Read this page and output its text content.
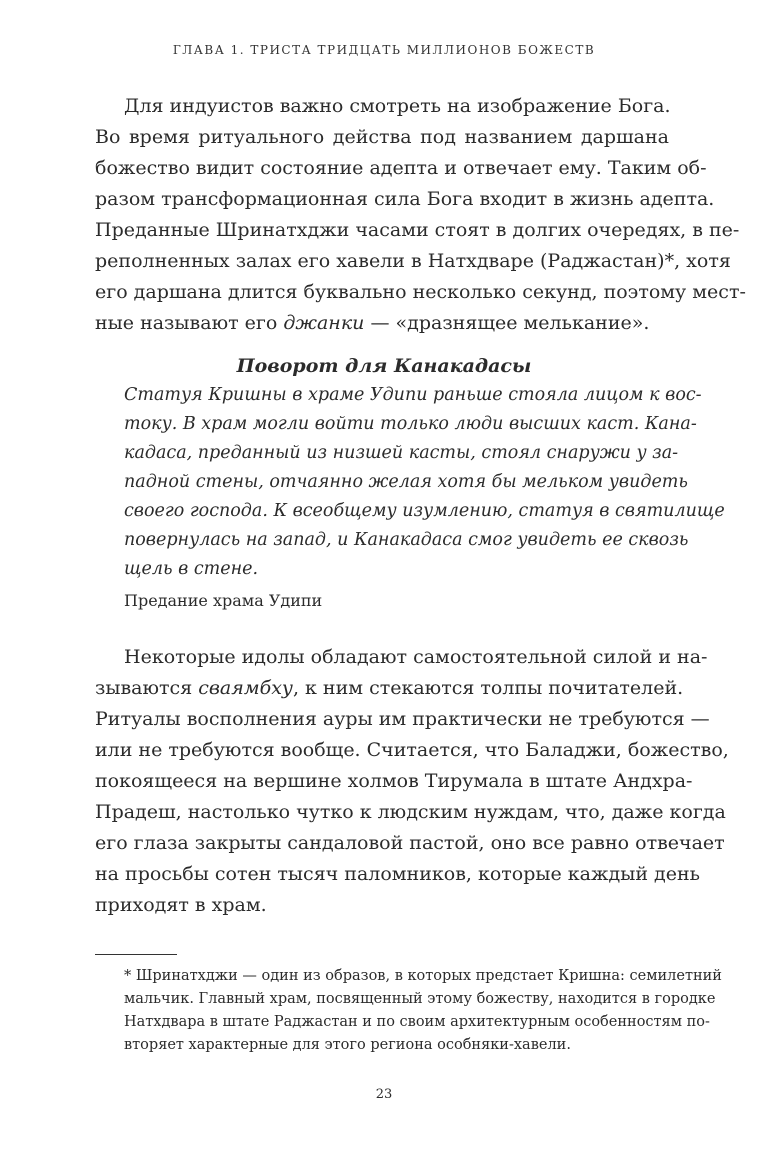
ГЛАВА 1. ТРИСТА ТРИДЦАТЬ МИЛЛИОНОВ БОЖЕСТВ
Для индуистов важно смотреть на изображение Бога.
Во время ритуального действа под названием даршана
божество видит состояние адепта и отвечает ему. Таким об-
разом трансформационная сила Бога входит в жизнь адепта.
Преданные Шринатхджи часами стоят в долгих очередях, в пе-
реполненных залах его хавели в Натхдваре (Раджастан)*, хотя
его даршана длится буквально несколько секунд, поэтому мест-
ные называют его джанки — «дразнящее мелькание».
Поворот для Канакадасы
Статуя Кришны в храме Удипи раньше стояла лицом к вос-
току. В храм могли войти только люди высших каст. Кана-
кадаса, преданный из низшей касты, стоял снаружи у за-
падной стены, отчаянно желая хотя бы мельком увидеть
своего господа. К всеобщему изумлению, статуя в святилище
повернулась на запад, и Канакадаса смог увидеть ее сквозь
щель в стене.
Предание храма Удипи
Некоторые идолы обладают самостоятельной силой и на-
зываются сваямбху, к ним стекаются толпы почитателей.
Ритуалы восполнения ауры им практически не требуются —
или не требуются вообще. Считается, что Баладжи, божество,
покоящееся на вершине холмов Тирумала в штате Андхра-
Прадеш, настолько чутко к людским нуждам, что, даже когда
его глаза закрыты сандаловой пастой, оно все равно отвечает
на просьбы сотен тысяч паломников, которые каждый день
приходят в храм.
* Шринатхджи — один из образов, в которых предстает Кришна: семилетний
мальчик. Главный храм, посвященный этому божеству, находится в городке
Натхдвара в штате Раджастан и по своим архитектурным особенностям по-
вторяет характерные для этого региона особняки-хавели.
23
